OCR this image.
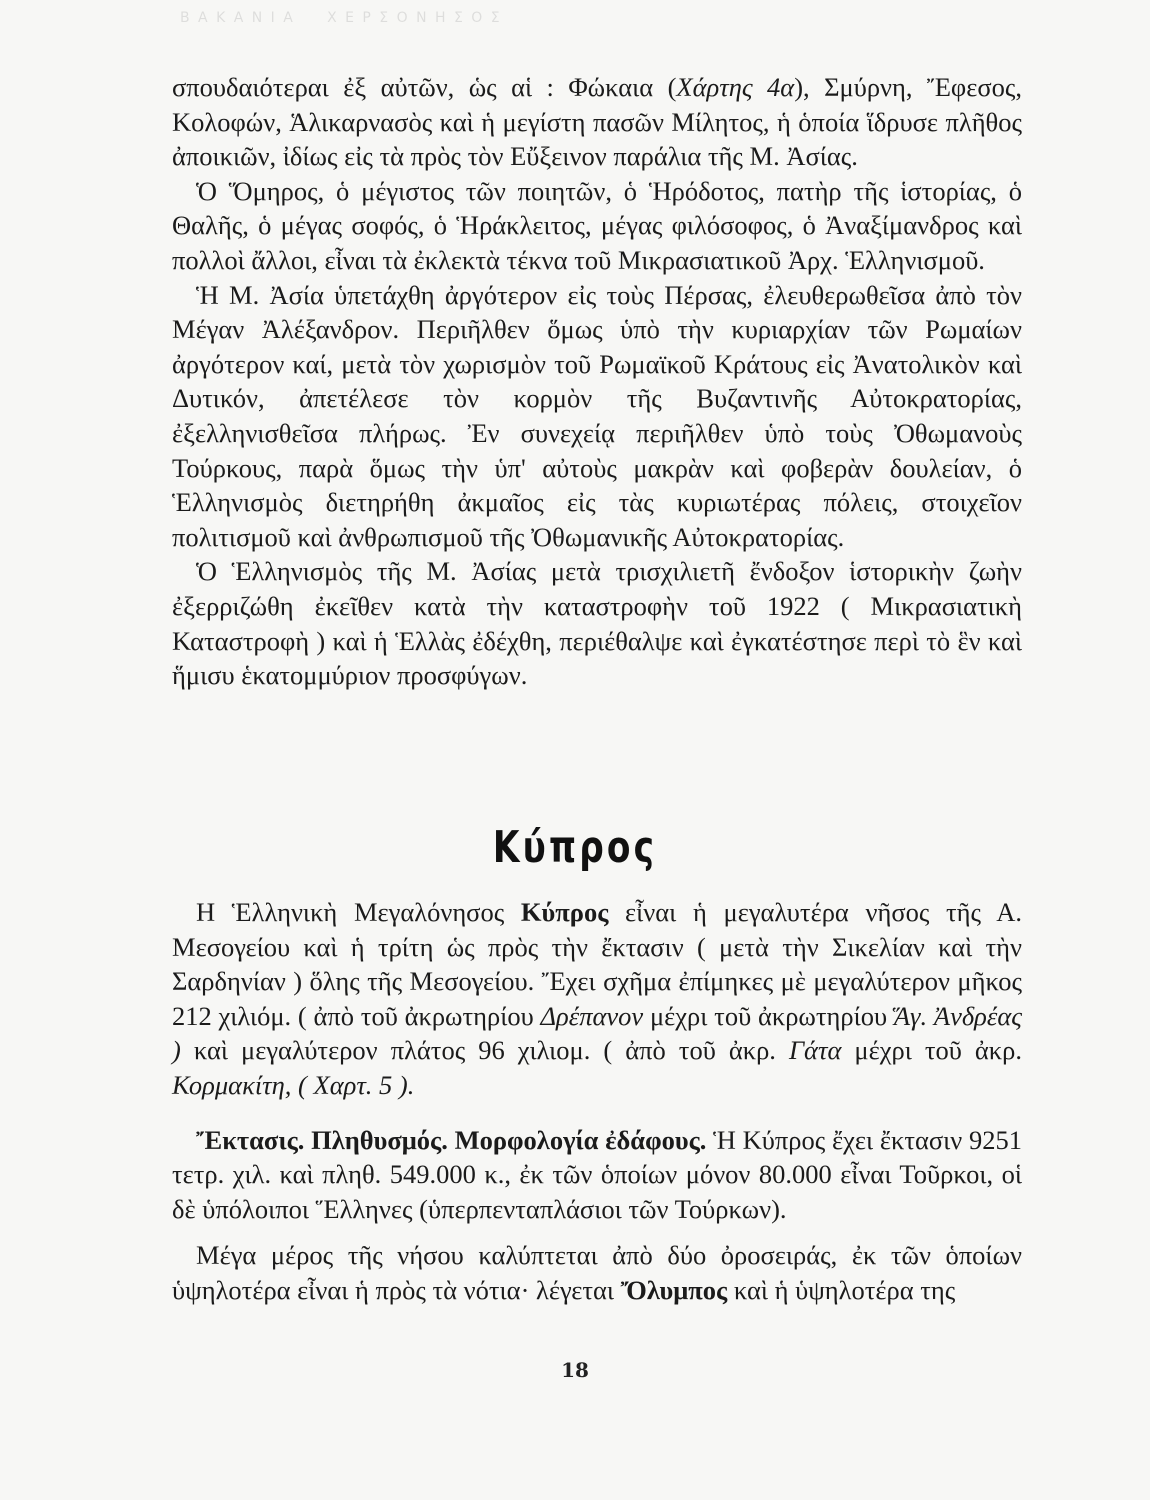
Β Α Κ Α Ν Ι Α     Χ Ε Ρ Σ Ο Ν Η Σ Ο Σ

σπουδαιότεραι ἐξ αὐτῶν, ὡς αἱ : Φώκαια (Χάρτης 4α), Σμύρνη, Ἔφεσος, Κολοφών, Ἁλικαρνασὸς καὶ ἡ μεγίστη πασῶν Μίλητος, ἡ ὁποία ἵδρυσε πλῆθος ἀποικιῶν, ἰδίως εἰς τὰ πρὸς τὸν Εὔξεινον παράλια τῆς Μ. Ἀσίας.

Ὁ Ὅμηρος, ὁ μέγιστος τῶν ποιητῶν, ὁ Ἡρόδοτος, πατὴρ τῆς ἱστορίας, ὁ Θαλῆς, ὁ μέγας σοφός, ὁ Ἡράκλειτος, μέγας φιλόσοφος, ὁ Ἀναξίμανδρος καὶ πολλοὶ ἄλλοι, εἶναι τὰ ἐκλεκτὰ τέκνα τοῦ Μικρασιατικοῦ Ἀρχ. Ἑλληνισμοῦ.

Ἡ Μ. Ἀσία ὑπετάχθη ἀργότερον εἰς τοὺς Πέρσας, ἐλευθερωθεῖσα ἀπὸ τὸν Μέγαν Ἀλέξανδρον. Περιῆλθεν ὅμως ὑπὸ τὴν κυριαρχίαν τῶν Ρωμαίων ἀργότερον καί, μετὰ τὸν χωρισμὸν τοῦ Ρωμαϊκοῦ Κράτους εἰς Ἀνατολικὸν καὶ Δυτικόν, ἀπετέλεσε τὸν κορμὸν τῆς Βυζαντινῆς Αὐτοκρατορίας, ἐξελληνισθεῖσα πλήρως. Ἐν συνεχείᾳ περιῆλθεν ὑπὸ τοὺς Ὀθωμανοὺς Τούρκους, παρὰ ὅμως τὴν ὑπ' αὐτοὺς μακρὰν καὶ φοβερὰν δουλείαν, ὁ Ἑλληνισμὸς διετηρήθη ἀκμαῖος εἰς τὰς κυριωτέρας πόλεις, στοιχεῖον πολιτισμοῦ καὶ ἀνθρωπισμοῦ τῆς Ὀθωμανικῆς Αὐτοκρατορίας.

Ὁ Ἑλληνισμὸς τῆς Μ. Ἀσίας μετὰ τρισχιλιετῆ ἔνδοξον ἱστορικὴν ζωὴν ἐξερριζώθη ἐκεῖθεν κατὰ τὴν καταστροφὴν τοῦ 1922 ( Μικρασιατικὴ Καταστροφὴ ) καὶ ἡ Ἑλλὰς ἐδέχθη, περιέθαλψε καὶ ἐγκατέστησε περὶ τὸ ἓν καὶ ἥμισυ ἑκατομμύριον προσφύγων.

Κύπρος

Η Ἑλληνικὴ Μεγαλόνησος Κύπρος εἶναι ἡ μεγαλυτέρα νῆσος τῆς Α. Μεσογείου καὶ ἡ τρίτη ὡς πρὸς τὴν ἔκτασιν ( μετὰ τὴν Σικελίαν καὶ τὴν Σαρδηνίαν ) ὅλης τῆς Μεσογείου. Ἔχει σχῆμα ἐπίμηκες μὲ μεγαλύτερον μῆκος 212 χιλιόμ. ( ἀπὸ τοῦ ἀκρωτηρίου Δρέπανον μέχρι τοῦ ἀκρωτηρίου Ἅγ. Ἀνδρέας ) καὶ μεγαλύτερον πλάτος 96 χιλιομ. ( ἀπὸ τοῦ ἀκρ. Γάτα μέχρι τοῦ ἀκρ. Κορμακίτη, ( Χαρτ. 5 ).

Ἔκτασις. Πληθυσμός. Μορφολογία ἐδάφους. Ἡ Κύπρος ἔχει ἔκτασιν 9251 τετρ. χιλ. καὶ πληθ. 549.000 κ., ἐκ τῶν ὁποίων μόνον 80.000 εἶναι Τοῦρκοι, οἱ δὲ ὑπόλοιποι Ἕλληνες (ὑπερπενταπλάσιοι τῶν Τούρκων).

Μέγα μέρος τῆς νήσου καλύπτεται ἀπὸ δύο ὀροσειράς, ἐκ τῶν ὁποίων ὑψηλοτέρα εἶναι ἡ πρὸς τὰ νότια· λέγεται Ὄλυμπος καὶ ἡ ὑψηλοτέρα της

18
